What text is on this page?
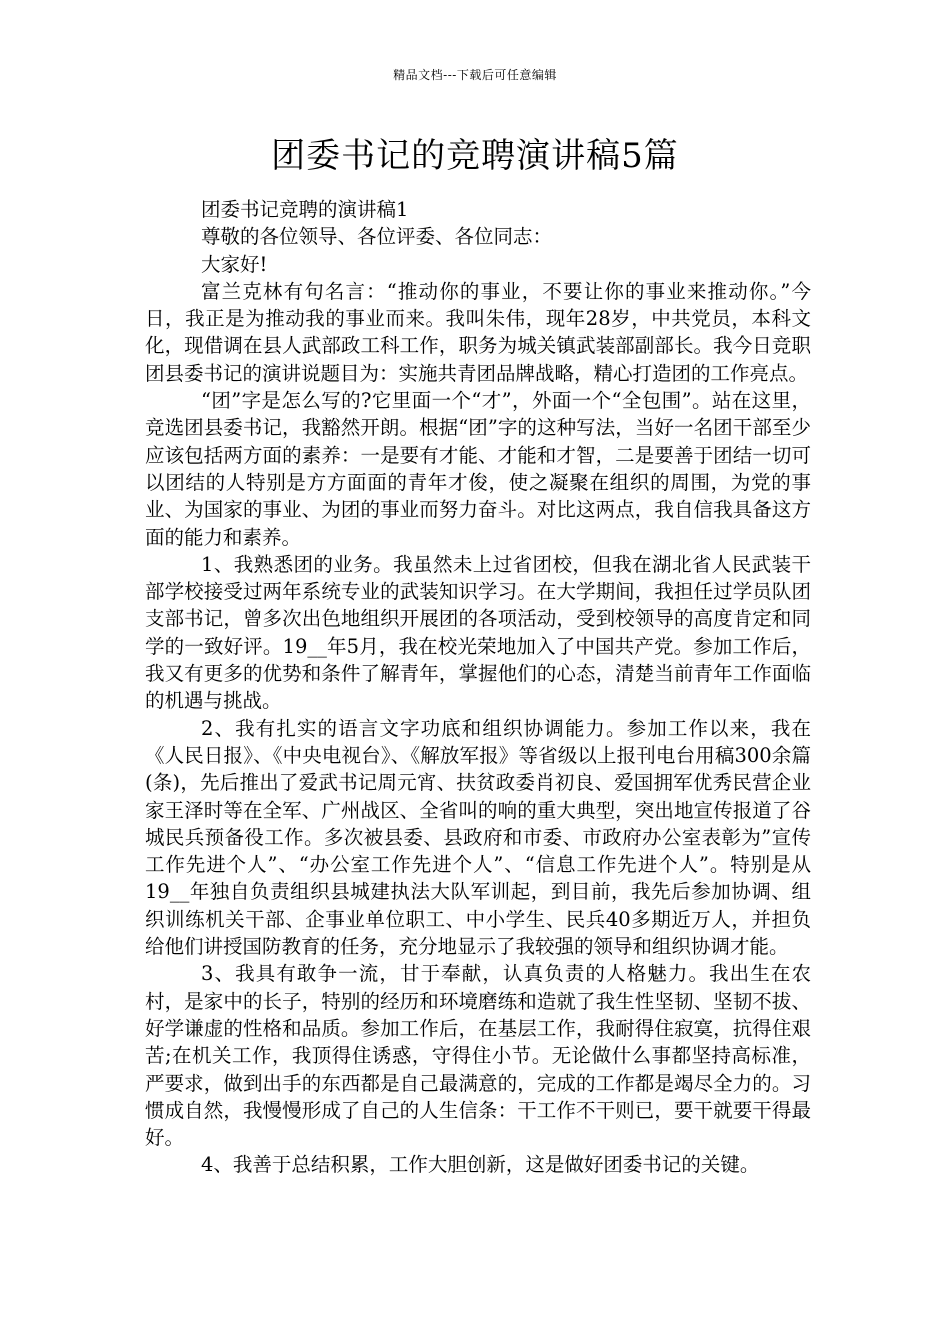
精品文档---下载后可任意编辑
团委书记的竞聘演讲稿5篇

团委书记竞聘的演讲稿1

尊敬的各位领导、各位评委、各位同志：

大家好!

富兰克林有句名言：“推动你的事业，不要让你的事业来推动你。”今日，我正是为推动我的事业而来。我叫朱伟，现年28岁，中共党员，本科文化，现借调在县人武部政工科工作，职务为城关镇武装部副部长。我今日竞职团县委书记的演讲说题目为：实施共青团品牌战略，精心打造团的工作亮点。

“团”字是怎么写的?它里面一个“才”，外面一个“全包围”。站在这里，竞选团县委书记，我豁然开朗。根据“团”字的这种写法，当好一名团干部至少应该包括两方面的素养：一是要有才能、才能和才智，二是要善于团结一切可以团结的人特别是方方面面的青年才俊，使之凝聚在组织的周围，为党的事业、为国家的事业、为团的事业而努力奋斗。对比这两点，我自信我具备这方面的能力和素养。

1、我熟悉团的业务。我虽然未上过省团校，但我在湖北省人民武装干部学校接受过两年系统专业的武装知识学习。在大学期间，我担任过学员队团支部书记，曾多次出色地组织开展团的各项活动，受到校领导的高度肯定和同学的一致好评。19__年5月，我在校光荣地加入了中国共产党。参加工作后，我又有更多的优势和条件了解青年，掌握他们的心态，清楚当前青年工作面临的机遇与挑战。

2、我有扎实的语言文字功底和组织协调能力。参加工作以来，我在《人民日报》、《中央电视台》、《解放军报》等省级以上报刊电台用稿300余篇(条)，先后推出了爱武书记周元宵、扶贫政委肖初良、爱国拥军优秀民营企业家王泽时等在全军、广州战区、全省叫的响的重大典型，突出地宣传报道了谷城民兵预备役工作。多次被县委、县政府和市委、市政府办公室表彰为”宣传工作先进个人”、“办公室工作先进个人”、“信息工作先进个人”。特别是从19__年独自负责组织县城建执法大队军训起，到目前，我先后参加协调、组织训练机关干部、企事业单位职工、中小学生、民兵40多期近万人，并担负给他们讲授国防教育的任务，充分地显示了我较强的领导和组织协调才能。

3、我具有敢争一流，甘于奉献，认真负责的人格魅力。我出生在农村，是家中的长子，特别的经历和环境磨练和造就了我生性坚韧、坚韧不拔、好学谦虚的性格和品质。参加工作后，在基层工作，我耐得住寂寞，抗得住艰苦;在机关工作，我顶得住诱惑，守得住小节。无论做什么事都坚持高标准，严要求，做到出手的东西都是自己最满意的，完成的工作都是竭尽全力的。习惯成自然，我慢慢形成了自己的人生信条：干工作不干则已，要干就要干得最好。

4、我善于总结积累，工作大胆创新，这是做好团委书记的关键。
